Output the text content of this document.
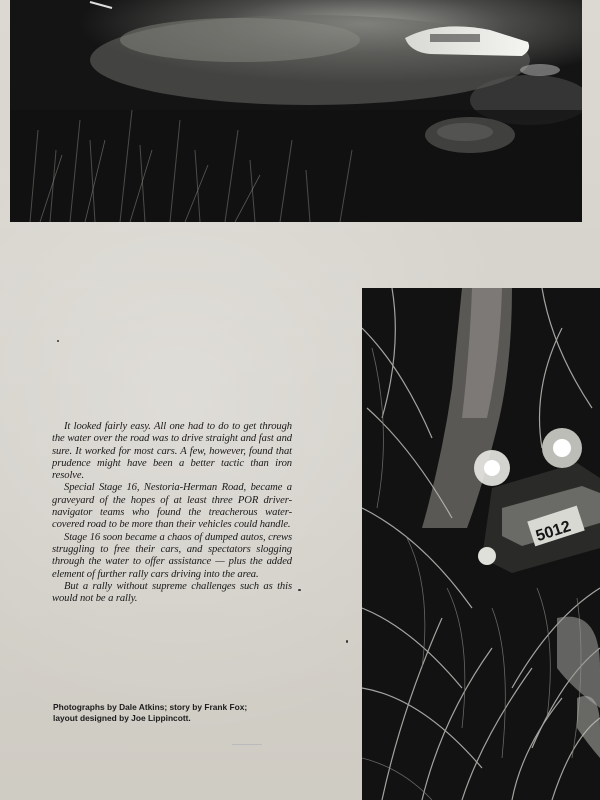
5012

It looked fairly easy. All one had to do to get through the water over the road was to drive straight and fast and sure. It worked for most cars. A few, however, found that prudence might have been a better tactic than iron resolve.

Special Stage 16, Nestoria-Herman Road, became a graveyard of the hopes of at least three POR driver-navigator teams who found the treacherous water-covered road to be more than their vehicles could handle.

Stage 16 soon became a chaos of dumped autos, crews struggling to free their cars, and spectators slogging through the water to offer assistance — plus the added element of further rally cars driving into the area.

But a rally without supreme challenges such as this would not be a rally.

Photographs by Dale Atkins; story by Frank Fox;
layout designed by Joe Lippincott.
